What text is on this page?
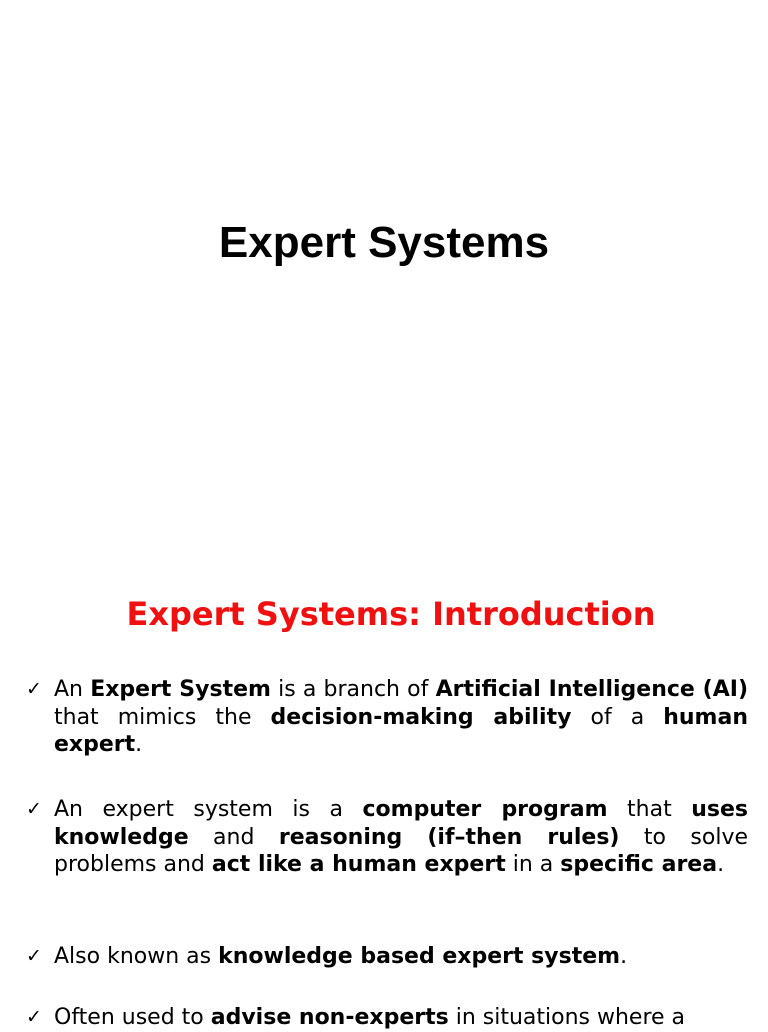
Expert Systems
Expert Systems: Introduction
✓ An Expert System is a branch of Artificial Intelligence (AI) that mimics the decision-making ability of a human expert.
✓ An expert system is a computer program that uses knowledge and reasoning (if–then rules) to solve problems and act like a human expert in a specific area.
✓ Also known as knowledge based expert system.
✓ Often used to advise non-experts in situations where a
